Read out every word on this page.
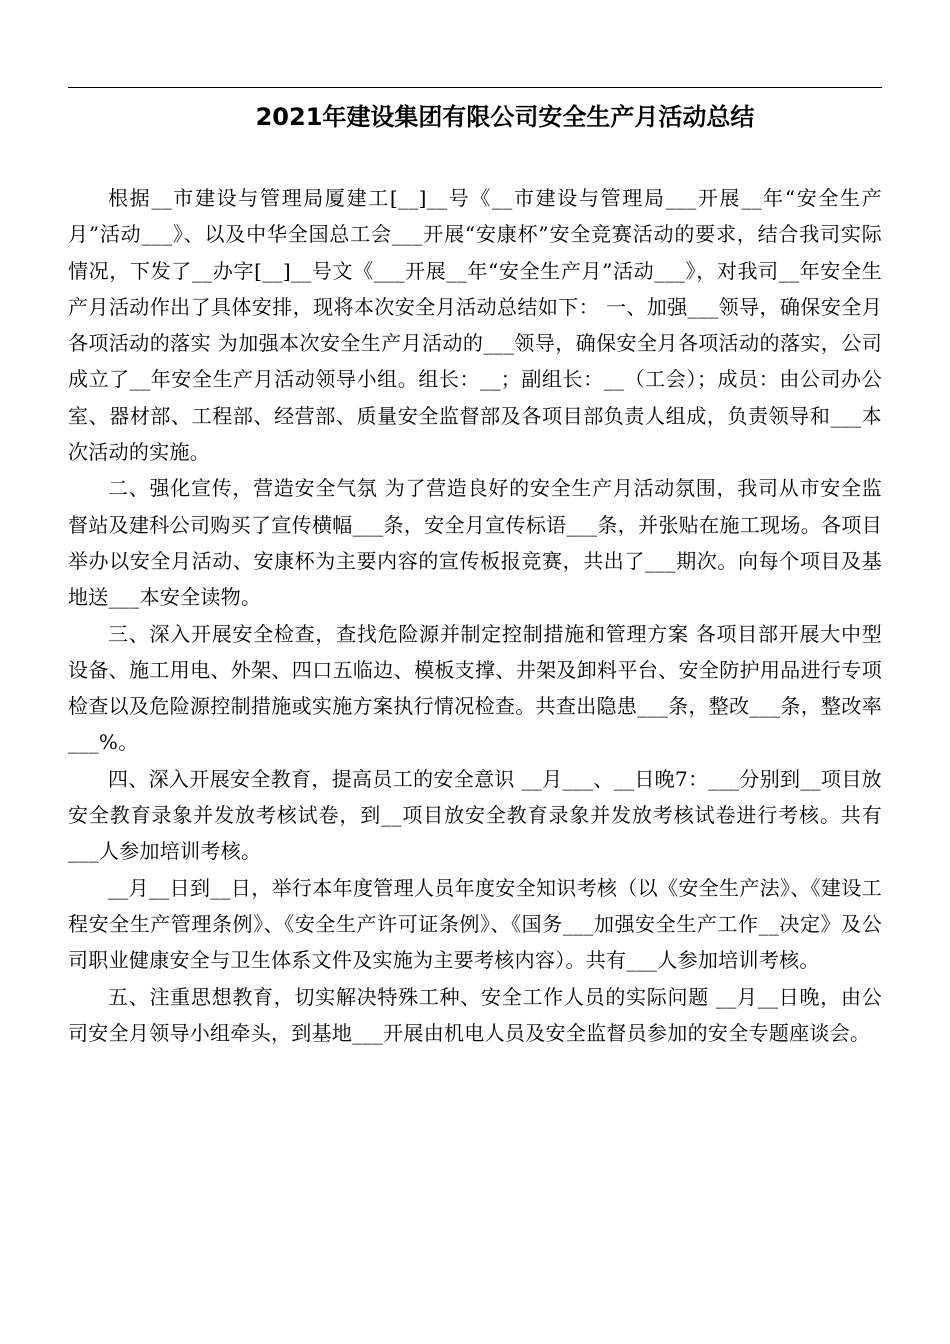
2021年建设集团有限公司安全生产月活动总结

根据__市建设与管理局厦建工[__]__号《__市建设与管理局___开展__年“安全生产月”活动___》、以及中华全国总工会___开展“安康杯”安全竞赛活动的要求，结合我司实际情况，下发了__办字[__]__号文《___开展__年“安全生产月”活动___》，对我司__年安全生产月活动作出了具体安排，现将本次安全月活动总结如下： 一、加强___领导，确保安全月各项活动的落实 为加强本次安全生产月活动的___领导，确保安全月各项活动的落实，公司成立了__年安全生产月活动领导小组。组长：__；副组长：__（工会）；成员：由公司办公室、器材部、工程部、经营部、质量安全监督部及各项目部负责人组成，负责领导和___本次活动的实施。

二、强化宣传，营造安全气氛 为了营造良好的安全生产月活动氛围，我司从市安全监督站及建科公司购买了宣传横幅___条，安全月宣传标语___条，并张贴在施工现场。各项目举办以安全月活动、安康杯为主要内容的宣传板报竞赛，共出了___期次。向每个项目及基地送___本安全读物。

三、深入开展安全检查，查找危险源并制定控制措施和管理方案 各项目部开展大中型设备、施工用电、外架、四口五临边、模板支撑、井架及卸料平台、安全防护用品进行专项检查以及危险源控制措施或实施方案执行情况检查。共查出隐患___条，整改___条，整改率___%。

四、深入开展安全教育，提高员工的安全意识 __月___、__日晚7：___分别到__项目放安全教育录象并发放考核试卷，到__项目放安全教育录象并发放考核试卷进行考核。共有___人参加培训考核。

__月__日到__日，举行本年度管理人员年度安全知识考核（以《安全生产法》、《建设工程安全生产管理条例》、《安全生产许可证条例》、《国务___加强安全生产工作__决定》及公司职业健康安全与卫生体系文件及实施为主要考核内容）。共有___人参加培训考核。

五、注重思想教育，切实解决特殊工种、安全工作人员的实际问题 __月__日晚，由公司安全月领导小组牵头，到基地___开展由机电人员及安全监督员参加的安全专题座谈会。
